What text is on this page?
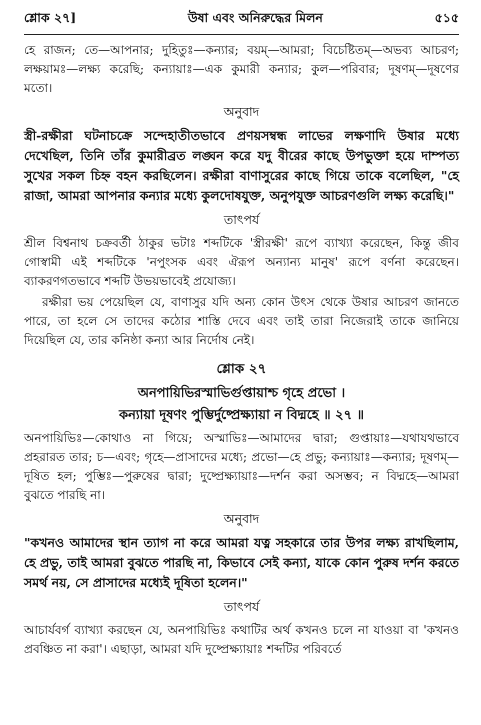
শ্লোক ২৭]	উষা এবং অনিরুদ্ধের মিলন	৫১৫

হে রাজন; তে—আপনার; দুহিতুঃ—কন্যার; বয়ম্—আমরা; বিচেষ্টিতম্—অভব্য আচরণ; লক্ষয়ামঃ—লক্ষ্য করেছি; কন্যায়াঃ—এক কুমারী কন্যার; কুল—পরিবার; দূষণম্—দূষণের মতো।

অনুবাদ

স্ত্রী-রক্ষীরা ঘটনাচক্রে সন্দেহাতীতভাবে প্রণয়সম্বন্ধ লাভের লক্ষণাদি উষার মধ্যে দেখেছিল, তিনি তাঁর কুমারীব্রত লঙ্ঘন করে যদু বীরের কাছে উপভুক্তা হয়ে দাম্পত্য সুখের সকল চিহ্ন বহন করছিলেন। রক্ষীরা বাণাসুরের কাছে গিয়ে তাকে বলেছিল, "হে রাজা, আমরা আপনার কন্যার মধ্যে কুলদোষযুক্ত, অনুপযুক্ত আচরণগুলি লক্ষ্য করেছি।"

তাৎপর্য

শ্রীল বিশ্বনাথ চক্রবর্তী ঠাকুর ভটাঃ শব্দটিকে 'স্ত্রীরক্ষী' রূপে ব্যাখ্যা করেছেন, কিন্তু জীব গোস্বামী এই শব্দটিকে 'নপুংসক এবং ঐরূপ অন্যান্য মানুষ' রূপে বর্ণনা করেছেন। ব্যাকরণগতভাবে শব্দটি উভয়ভাবেই প্রযোজ্য।

রক্ষীরা ভয় পেয়েছিল যে, বাণাসুর যদি অন্য কোন উৎস থেকে উষার আচরণ জানতে পারে, তা হলে সে তাদের কঠোর শাস্তি দেবে এবং তাই তারা নিজেরাই তাকে জানিয়ে দিয়েছিল যে, তার কনিষ্ঠা কন্যা আর নির্দোষ নেই।

শ্লোক ২৭

অনপায়িভিরস্মাভির্গুপ্তায়াশ্চ গৃহে প্রভো ।

কন্যায়া দূষণং পুম্ভির্দুষ্প্রেক্ষ্যায়া ন বিদ্মহে ॥ ২৭ ॥

অনপায়িভিঃ—কোথাও না গিয়ে; অস্মাভিঃ—আমাদের দ্বারা; গুপ্তায়াঃ—যথাযথভাবে প্রহরারত তার; চ—এবং; গৃহে—প্রাসাদের মধ্যে; প্রভো—হে প্রভু; কন্যায়াঃ—কন্যার; দূষণম্—দূষিত হল; পুম্ভিঃ—পুরুষের দ্বারা; দুষ্প্রেক্ষ্যায়াঃ—দর্শন করা অসম্ভব; ন বিদ্মহে—আমরা বুঝতে পারছি না।

অনুবাদ

"কখনও আমাদের স্থান ত্যাগ না করে আমরা যত্ন সহকারে তার উপর লক্ষ্য রাখছিলাম, হে প্রভু, তাই আমরা বুঝতে পারছি না, কিভাবে সেই কন্যা, যাকে কোন পুরুষ দর্শন করতে সমর্থ নয়, সে প্রাসাদের মধ্যেই দূষিতা হলেন।"

তাৎপর্য

আচার্যবর্গ ব্যাখ্যা করছেন যে, অনপায়িভিঃ কথাটির অর্থ কখনও চলে না যাওয়া বা 'কখনও প্রবঞ্চিত না করা'। এছাড়া, আমরা যদি দুষ্প্রেক্ষ্যায়াঃ শব্দটির পরিবর্তে
